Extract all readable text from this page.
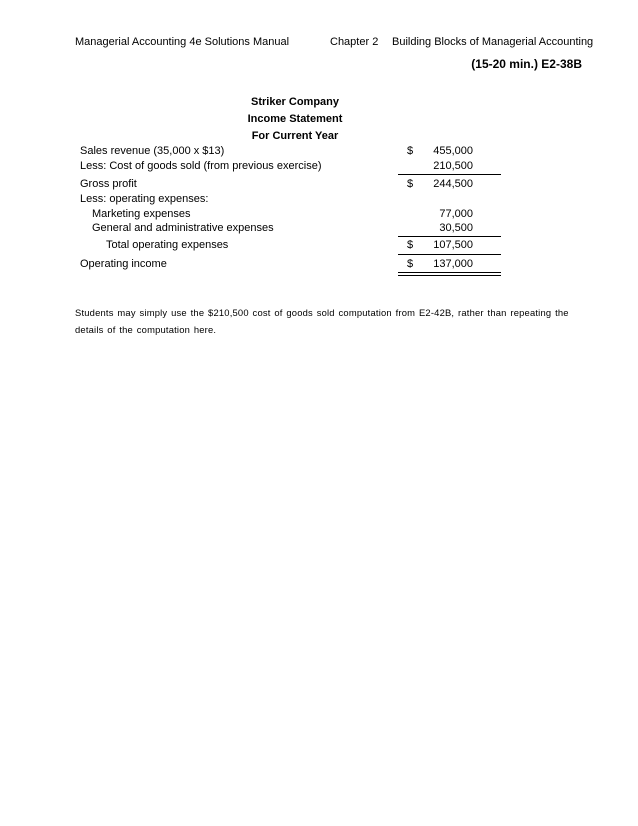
Managerial Accounting 4e Solutions Manual	Chapter 2 Building Blocks of Managerial Accounting
(15-20 min.) E2-38B
Striker Company
Income Statement
For Current Year
Sales revenue (35,000 x $13)	$ 455,000
Less: Cost of goods sold (from previous exercise)	210,500
Gross profit	$ 244,500
Less: operating expenses:
Marketing expenses	77,000
General and administrative expenses	30,500
Total operating expenses	$ 107,500
Operating income	$ 137,000
Students may simply use the $210,500 cost of goods sold computation from E2-42B, rather than repeating the details of the computation here.
